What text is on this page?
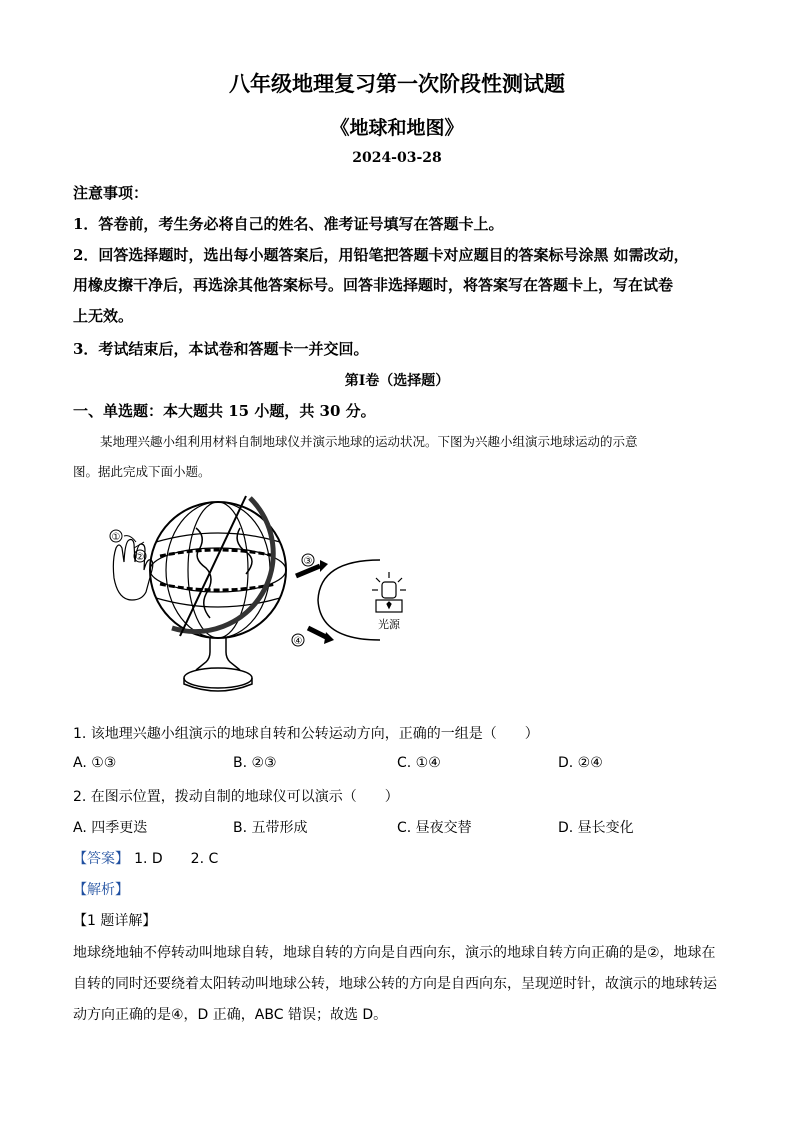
八年级地理复习第一次阶段性测试题
《地球和地图》
2024-03-28
注意事项：
1．答卷前，考生务必将自己的姓名、准考证号填写在答题卡上。
2．回答选择题时，选出每小题答案后，用铅笔把答题卡对应题目的答案标号涂黑 如需改动，
用橡皮擦干净后，再选涂其他答案标号。回答非选择题时，将答案写在答题卡上，写在试卷
上无效。
3．考试结束后，本试卷和答题卡一并交回。
第Ⅰ卷（选择题）
一、单选题：本大题共 15 小题，共 30 分。
某地理兴趣小组利用材料自制地球仪并演示地球的运动状况。下图为兴趣小组演示地球运动的示意
图。据此完成下面小题。
①
②	③
④
光源
1. 该地理兴趣小组演示的地球自转和公转运动方向，正确的一组是（　　）
A. ①③	B. ②③	C. ①④	D. ②④
2. 在图示位置，拨动自制的地球仪可以演示（　　）
A. 四季更迭	B. 五带形成	C. 昼夜交替	D. 昼长变化
【答案】 1. D　　2. C
【解析】
【1 题详解】
地球绕地轴不停转动叫地球自转，地球自转的方向是自西向东，演示的地球自转方向正确的是②，地球在
自转的同时还要绕着太阳转动叫地球公转，地球公转的方向是自西向东，呈现逆时针，故演示的地球转运
动方向正确的是④，D 正确，ABC 错误；故选 D。
